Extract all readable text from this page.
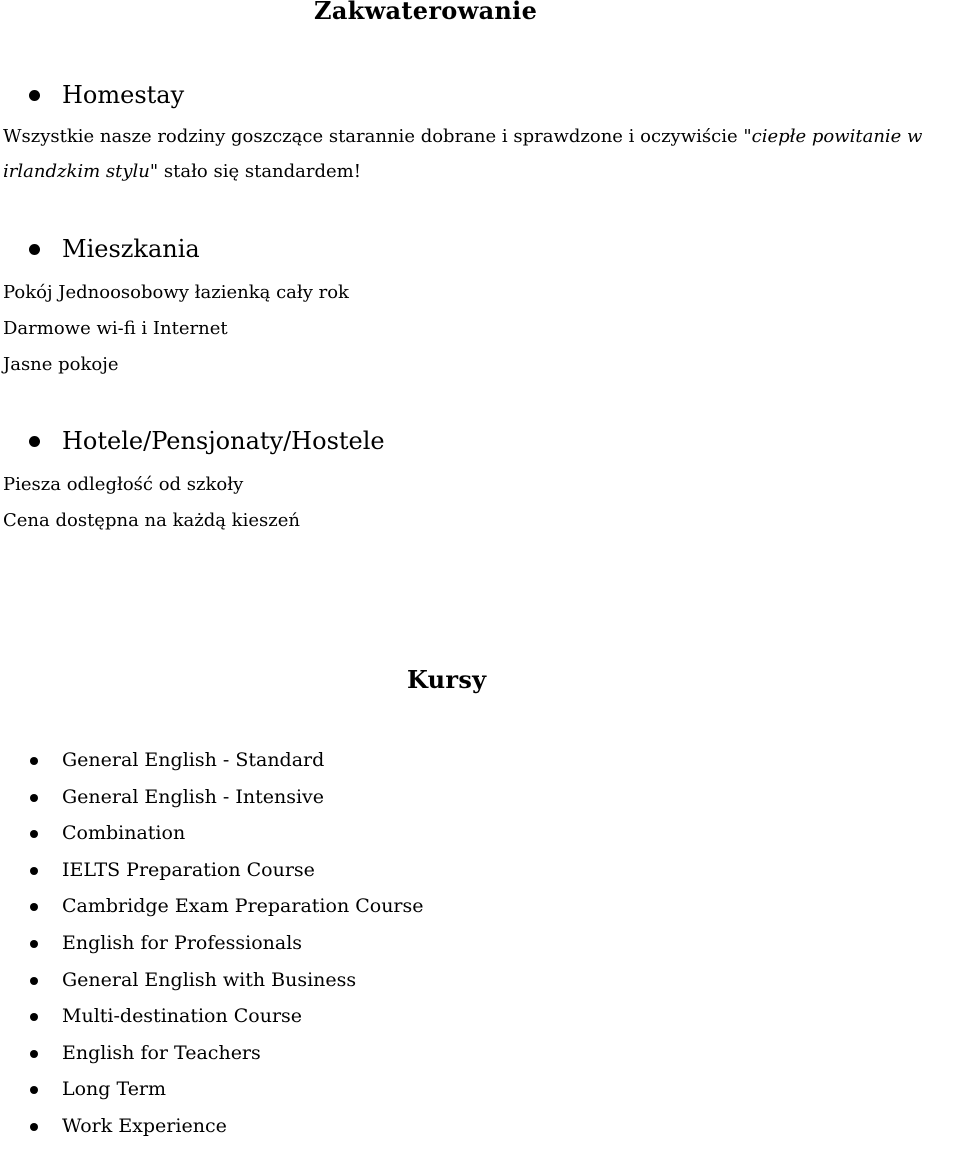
Zakwaterowanie
Homestay
Wszystkie nasze rodziny goszczące starannie dobrane i sprawdzone i oczywiście "ciepłe powitanie w
irlandzkim stylu" stało się standardem!
Mieszkania
Pokój Jednoosobowy łazienką cały rok
Darmowe wi-fi i Internet
Jasne pokoje
Hotele/Pensjonaty/Hostele
Piesza odległość od szkoły
Cena dostępna na każdą kieszeń
Kursy
General English - Standard
General English - Intensive
Combination
IELTS Preparation Course
Cambridge Exam Preparation Course
English for Professionals
General English with Business
Multi-destination Course
English for Teachers
Long Term
Work Experience
